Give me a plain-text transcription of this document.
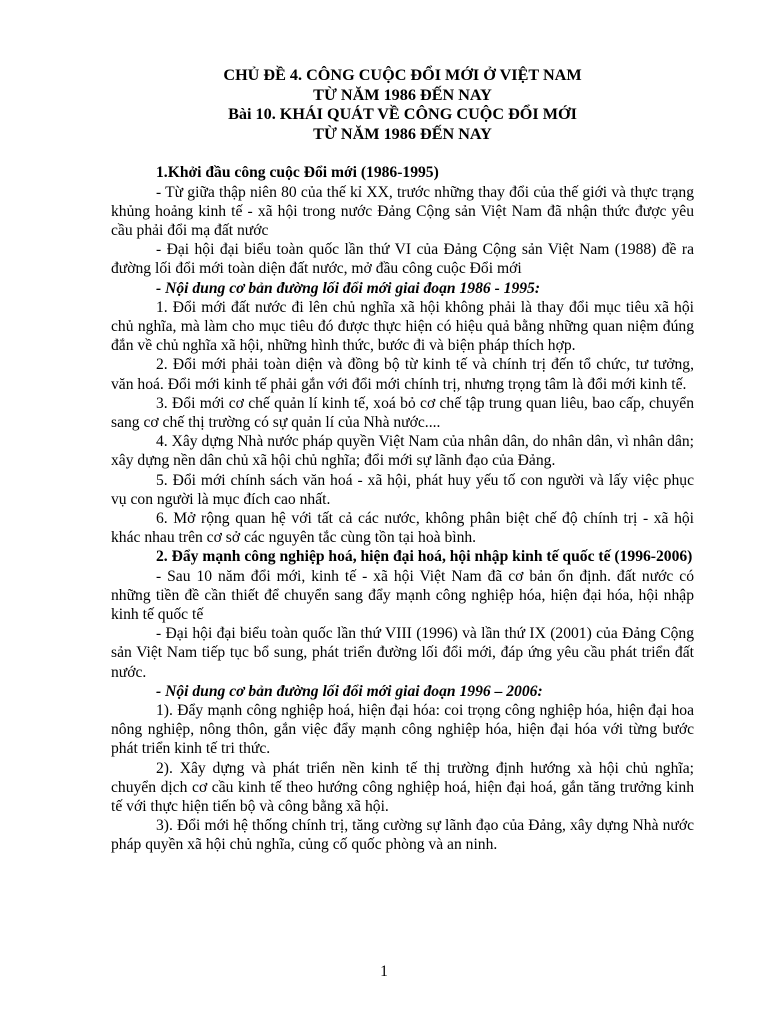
CHỦ ĐỀ 4. CÔNG CUỘC ĐỔI MỚI Ở VIỆT NAM

TỪ NĂM 1986 ĐẾN NAY

Bài 10. KHÁI QUÁT VỀ CÔNG CUỘC ĐỔI MỚI

TỪ NĂM 1986 ĐẾN NAY

1.Khởi đầu công cuộc Đổi mới (1986-1995)

- Từ giữa thập niên 80 của thế kỉ XX, trước những thay đổi của thế giới và thực trạng khủng hoảng kinh tế - xã hội trong nước Đảng Cộng sản Việt Nam đã nhận thức được yêu cầu phải đổi mạ đất nước

- Đại hội đại biểu toàn quốc lần thứ VI của Đảng Cộng sản Việt Nam (1988) đề ra đường lối đổi mới toàn diện đất nước, mở đầu công cuộc Đổi mới

- Nội dung cơ bản đường lối đổi mới giai đoạn 1986 - 1995:

1. Đổi mới đất nước đi lên chủ nghĩa xã hội không phải là thay đổi mục tiêu xã hội chủ nghĩa, mà làm cho mục tiêu đó được thực hiện có hiệu quả bằng những quan niệm đúng đắn về chủ nghĩa xã hội, những hình thức, bước đi và biện pháp thích hợp.

2. Đổi mới phải toàn diện và đồng bộ từ kinh tế và chính trị đến tổ chức, tư tưởng, văn hoá. Đổi mới kinh tế phải gắn với đổi mới chính trị, nhưng trọng tâm là đổi mới kinh tế.

3. Đổi mới cơ chế quản lí kinh tế, xoá bỏ cơ chế tập trung quan liêu, bao cấp, chuyển sang cơ chế thị trường có sự quản lí của Nhà nước....

4. Xây dựng Nhà nước pháp quyền Việt Nam của nhân dân, do nhân dân, vì nhân dân; xây dựng nền dân chủ xã hội chủ nghĩa; đổi mới sự lãnh đạo của Đảng.

5. Đổi mới chính sách văn hoá - xã hội, phát huy yếu tố con người và lấy việc phục vụ con người là mục đích cao nhất.

6. Mở rộng quan hệ với tất cả các nước, không phân biệt chế độ chính trị - xã hội khác nhau trên cơ sở các nguyên tắc cùng tồn tại hoà bình.

2. Đẩy mạnh công nghiệp hoá, hiện đại hoá, hội nhập kinh tế quốc tế (1996-2006)

- Sau 10 năm đổi mới, kinh tế - xã hội Việt Nam đã cơ bản ổn định. đất nước có những tiền đề cần thiết để chuyển sang đẩy mạnh công nghiệp hóa, hiện đại hóa, hội nhập kinh tế quốc tế

- Đại hội đại biểu toàn quốc lần thứ VIII (1996) và lần thứ IX (2001) của Đảng Cộng sản Việt Nam tiếp tục bổ sung, phát triển đường lối đổi mới, đáp ứng yêu cầu phát triển đất nước.

- Nội dung cơ bản đường lối đổi mới giai đoạn 1996 – 2006:

1). Đẩy mạnh công nghiệp hoá, hiện đại hóa: coi trọng công nghiệp hóa, hiện đại hoa nông nghiệp, nông thôn, gắn việc đẩy mạnh công nghiệp hóa, hiện đại hóa với từng bước phát triển kinh tế tri thức.

2). Xây dựng và phát triển nền kinh tế thị trường định hướng xà hội chủ nghĩa; chuyển dịch cơ cầu kinh tế theo hướng công nghiệp hoá, hiện đại hoá, gắn tăng trưởng kinh tế với thực hiện tiến bộ và công bằng xã hội.

3). Đổi mới hệ thống chính trị, tăng cường sự lãnh đạo của Đảng, xây dựng Nhà nước pháp quyền xã hội chủ nghĩa, củng cố quốc phòng và an ninh.

1
